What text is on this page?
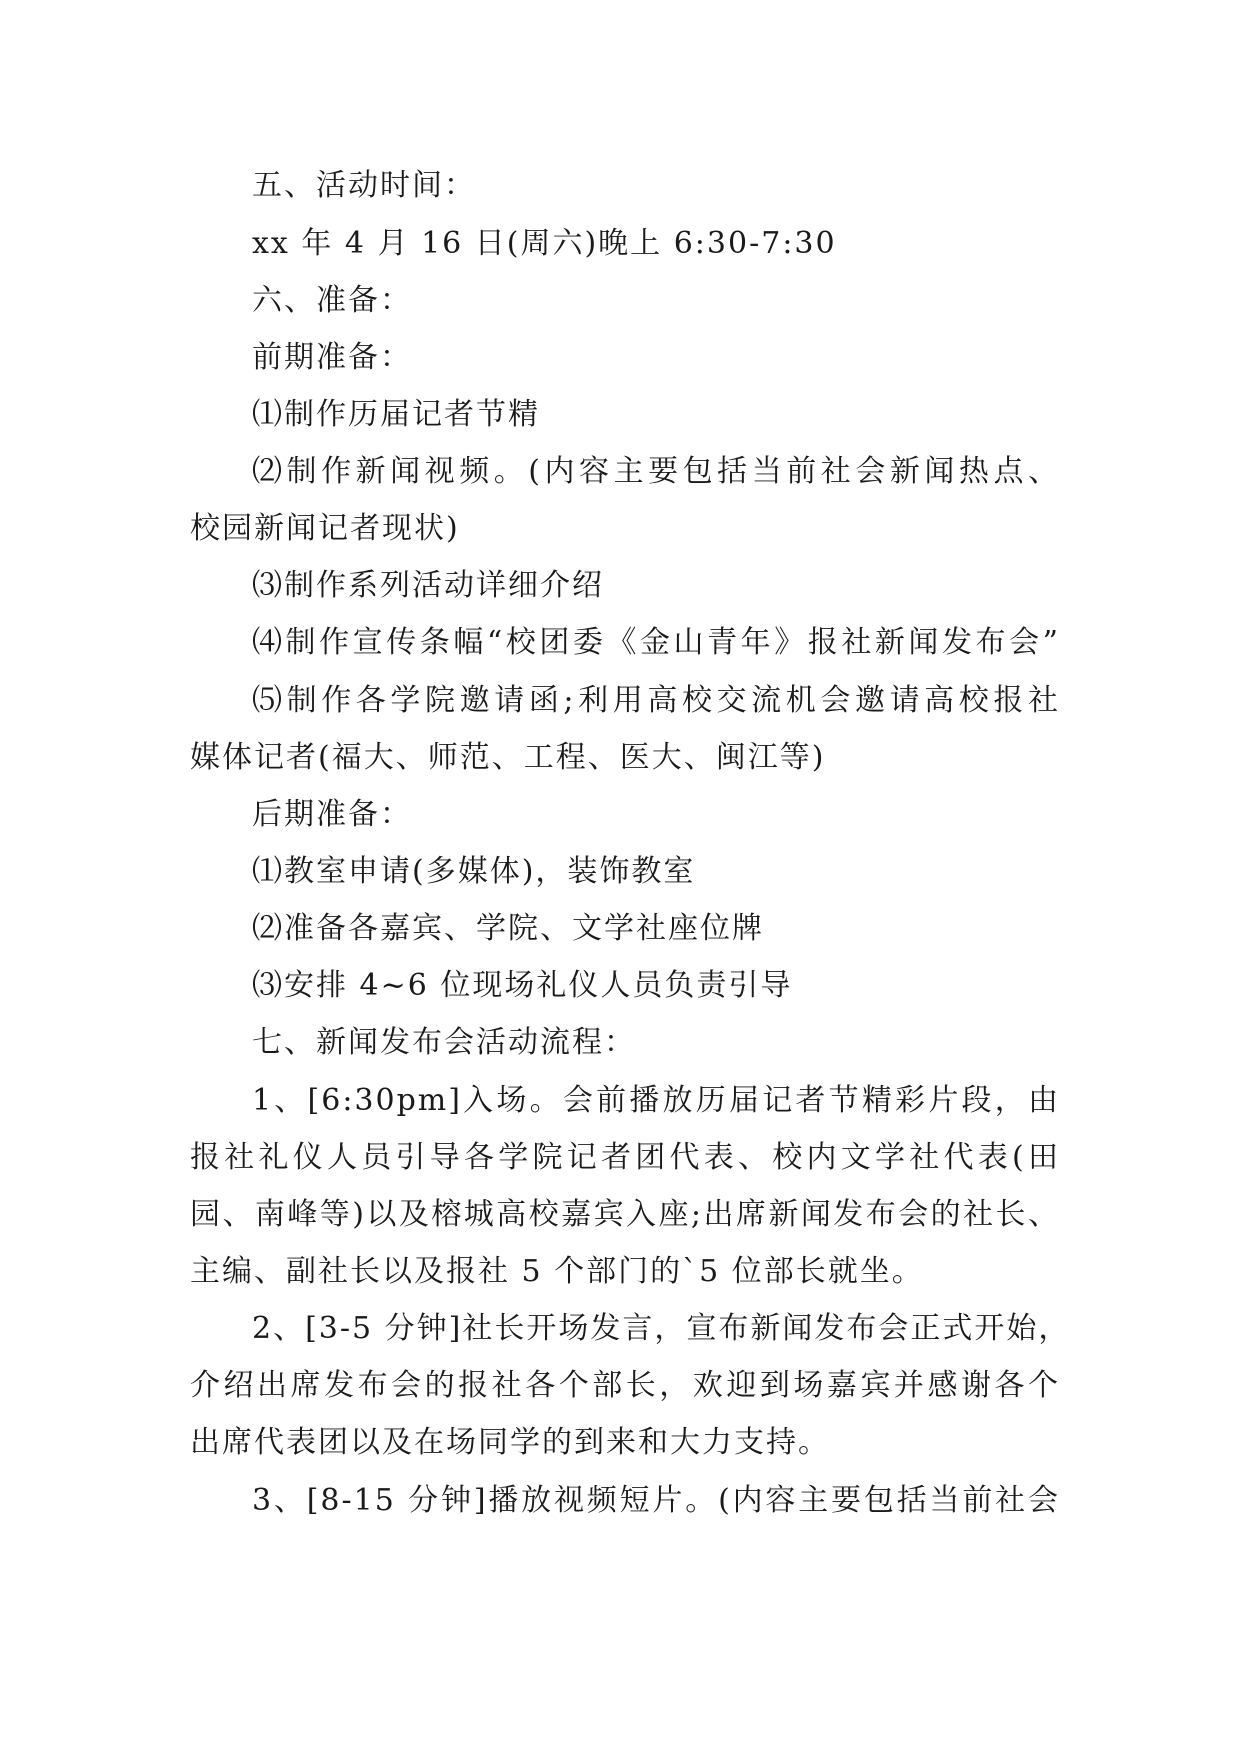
五、活动时间：
xx 年 4 月 16 日(周六)晚上 6:30-7:30
六、准备：
前期准备：
⑴制作历届记者节精
⑵制作新闻视频。(内容主要包括当前社会新闻热点、
校园新闻记者现状)
⑶制作系列活动详细介绍
⑷制作宣传条幅“校团委《金山青年》报社新闻发布会”
⑸制作各学院邀请函;利用高校交流机会邀请高校报社
媒体记者(福大、师范、工程、医大、闽江等)
后期准备：
⑴教室申请(多媒体)，装饰教室
⑵准备各嘉宾、学院、文学社座位牌
⑶安排 4~6 位现场礼仪人员负责引导
七、新闻发布会活动流程：
1、[6:30pm]入场。会前播放历届记者节精彩片段，由
报社礼仪人员引导各学院记者团代表、校内文学社代表(田
园、南峰等)以及榕城高校嘉宾入座;出席新闻发布会的社长、
主编、副社长以及报社 5 个部门的`5 位部长就坐。
2、[3-5 分钟]社长开场发言，宣布新闻发布会正式开始，
介绍出席发布会的报社各个部长，欢迎到场嘉宾并感谢各个
出席代表团以及在场同学的到来和大力支持。
3、[8-15 分钟]播放视频短片。(内容主要包括当前社会
